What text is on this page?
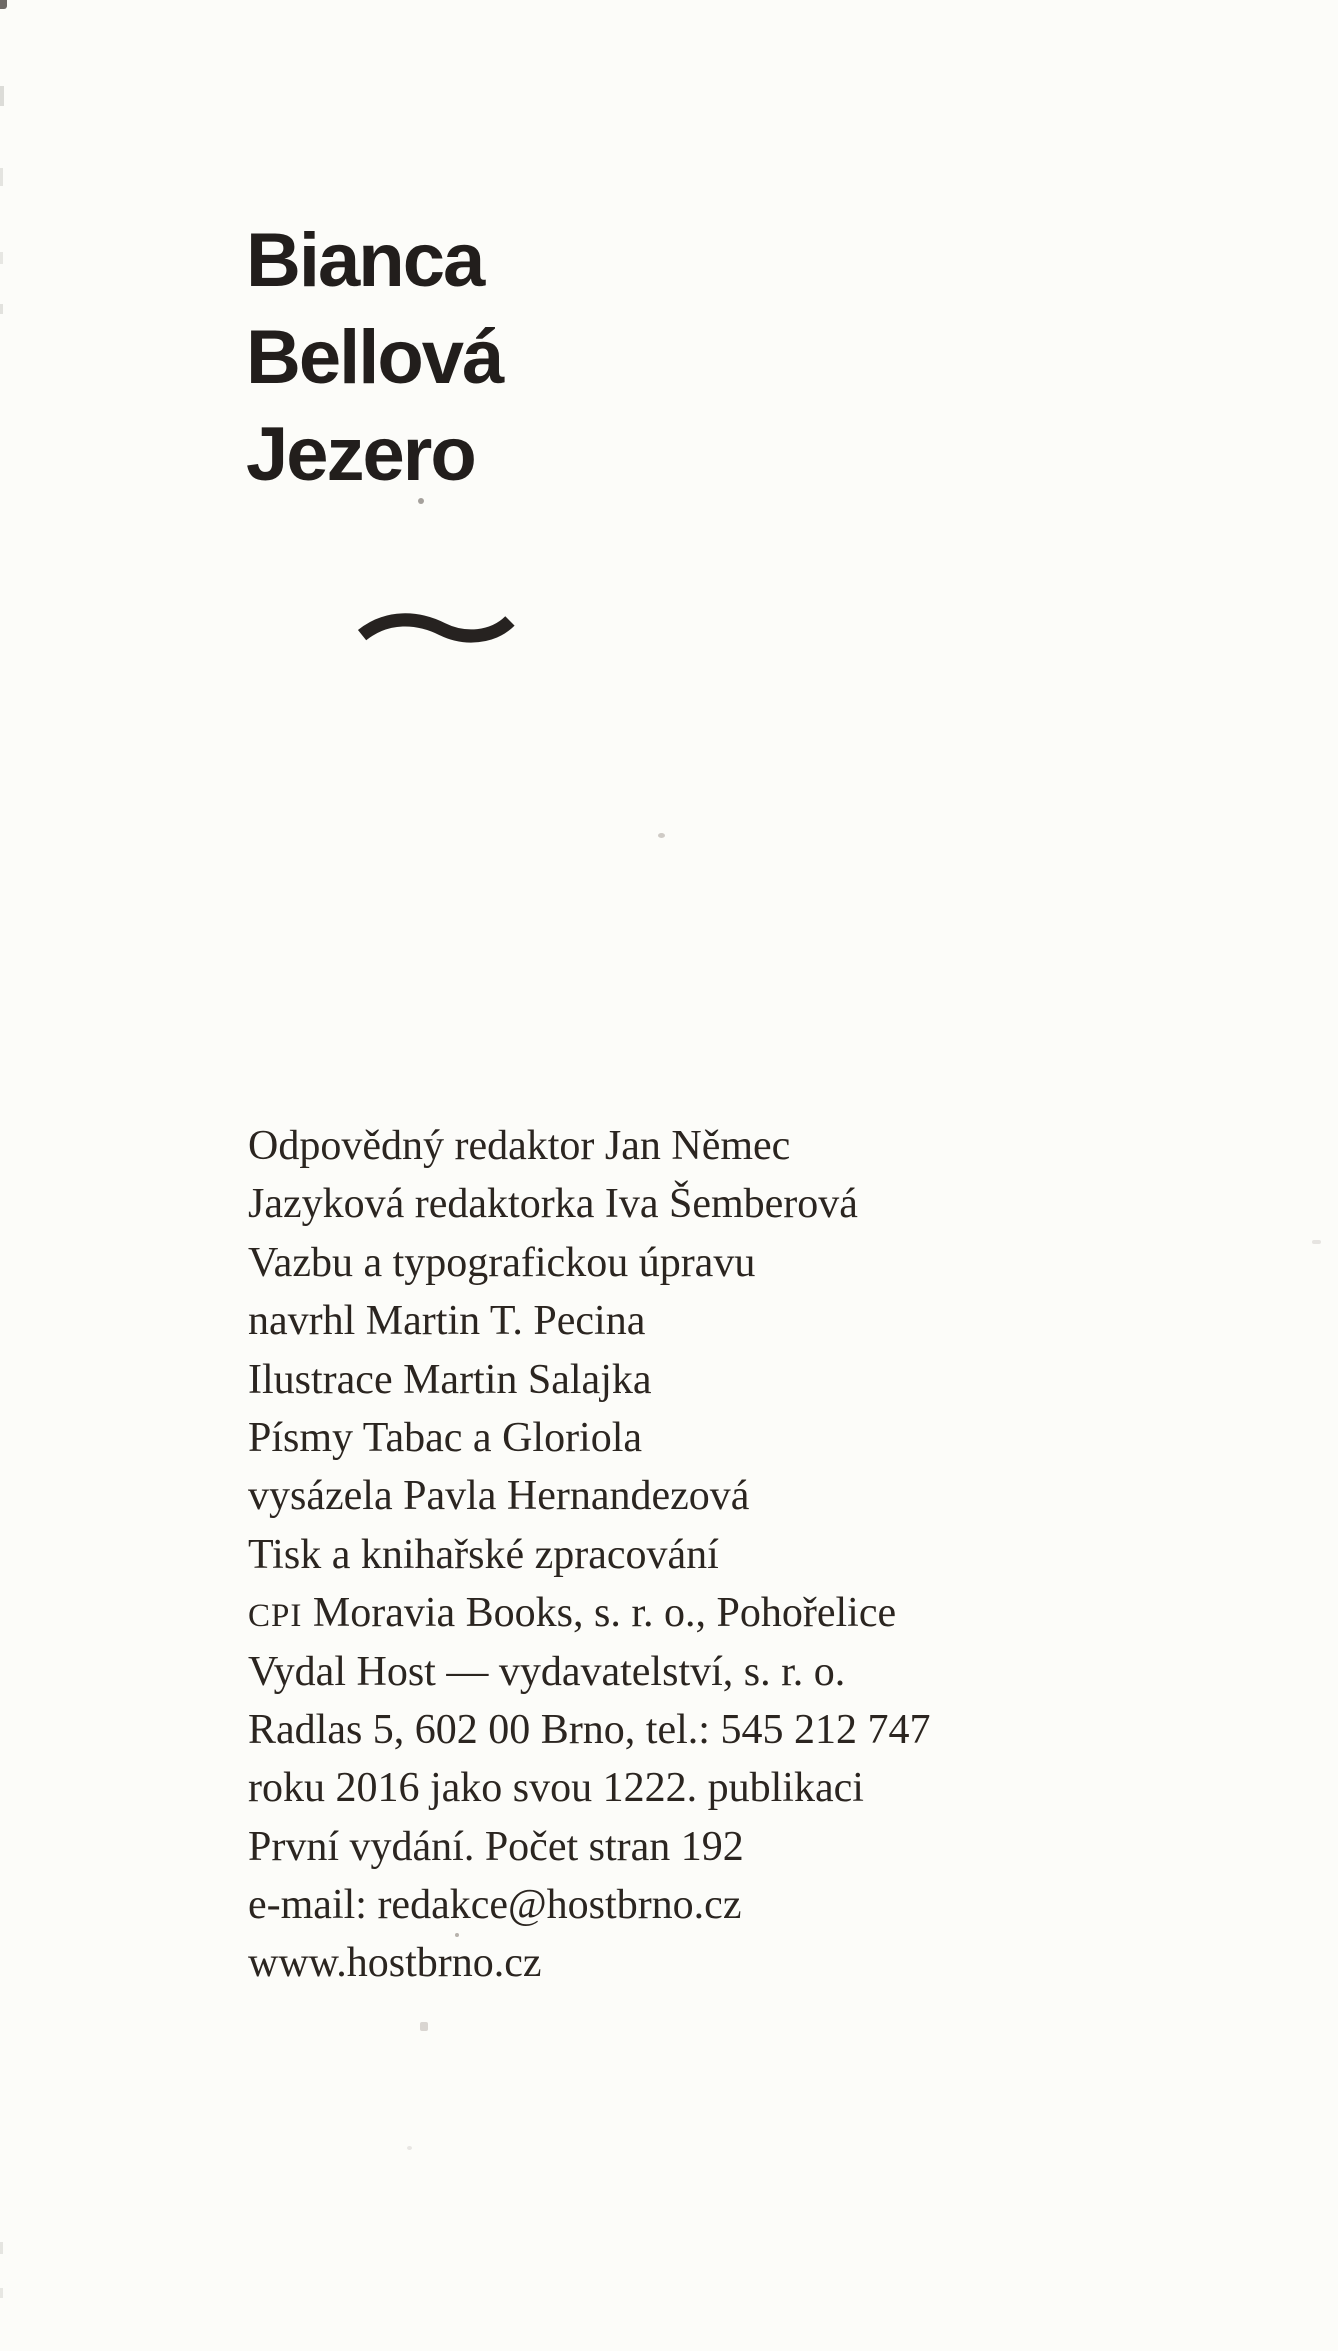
Bianca
Bellová
Jezero
Odpovědný redaktor Jan Němec
Jazyková redaktorka Iva Šemberová
Vazbu a typografickou úpravu
navrhl Martin T. Pecina
Ilustrace Martin Salajka
Písmy Tabac a Gloriola
vysázela Pavla Hernandezová
Tisk a knihařské zpracování
CPI Moravia Books, s. r. o., Pohořelice
Vydal Host — vydavatelství, s. r. o.
Radlas 5, 602 00 Brno, tel.: 545 212 747
roku 2016 jako svou 1222. publikaci
První vydání. Počet stran 192
e-mail: redakce@hostbrno.cz
www.hostbrno.cz
